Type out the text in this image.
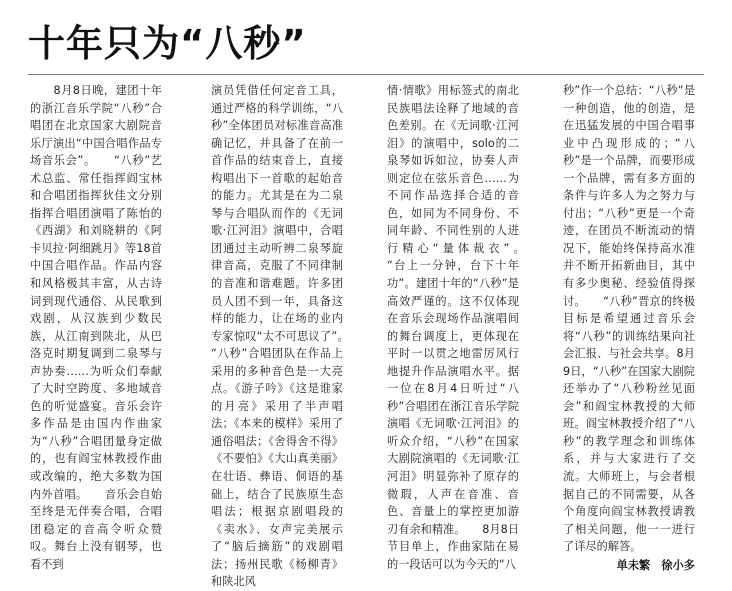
十年只为“八秒”

　　8月8日晚，建团十年的浙江音乐学院“八秒”合唱团在北京国家大剧院音乐厅演出“中国合唱作品专场音乐会”。　　“八秒”艺术总监、常任指挥阎宝林和合唱团指挥狄佳文分别指挥合唱团演唱了陈怡的《西湖》和刘晓耕的《阿卡贝拉·阿细跳月》等18首中国合唱作品。作品内容和风格极其丰富，从古诗词到现代通俗、从民歌到戏剧，从汉族到少数民族，从江南到陕北，从巴洛克时期复调到二泉琴与声协奏……为听众们奉献了大时空跨度、多地域音色的听觉盛宴。音乐会许多作品是由国内作曲家为“八秒”合唱团量身定做的，也有阎宝林教授作曲或改编的，绝大多数为国内外首唱。　　音乐会自始至终是无伴奏合唱，合唱团稳定的音高令听众赞叹。舞台上没有钢琴，也看不到

演员凭借任何定音工具，通过严格的科学训练，“八秒”全体团员对标准音高准确记忆，并具备了在前一首作品的结束音上，直接构唱出下一首歌的起始音的能力。尤其是在为二泉琴与合唱队而作的《无词歌·江河泪》演唱中，合唱团通过主动听辨二泉琴旋律音高，克服了不同律制的音准和谐难题。许多团员人团不到一年，具备这样的能力，让在场的业内专家惊叹“太不可思议了”。　　“八秒”合唱团队在作品上采用的多种音色是一大亮点。《游子吟》《这是谁家的月亮》采用了半声唱法；《本来的模样》采用了通俗唱法；《舍得舍不得》《不要怕》《大山真美丽》在壮语、彝语、侗语的基础上，结合了民族原生态唱法；根据京剧唱段的《卖水》、女声完美展示了“脑后摘筋”的戏剧唱法；扬州民歌《杨柳青》和陕北风

情·情歌》用标签式的南北民族唱法诠释了地域的音色差别。在《无词歌·江河泪》的演唱中，solo的二泉琴如诉如泣，协奏人声则定位在弦乐音色……为不同作品选择合适的音色，如同为不同身份、不同年龄、不同性别的人进行精心“量体裁衣”。　　“台上一分钟，台下十年功”。建团十年的“八秒”是高效严谨的。这不仅体现在音乐会现场作品演唱间的舞台调度上，更体现在平时一以贯之地雷厉风行地提升作品演唱水平。据一位在8月4日听过“八秒”合唱团在浙江音乐学院演唱《无词歌·江河泪》的听众介绍，“八秒”在国家大剧院演唱的《无词歌·江河泪》明显弥补了原存的微瑕，人声在音准、音色、音量上的掌控更加游刃有余和精准。　　8月8日节目单上，作曲家陆在易的一段话可以为今天的“八

秒”作一个总结：“八秒”是一种创造，他的创造，是在迅猛发展的中国合唱事业中凸现形成的；“八秒”是一个品牌，而要形成一个品牌，需有多方面的条件与许多人为之努力与付出；“八秒”更是一个奇迹，在团员不断流动的情况下，能始终保持高水准并不断开拓新曲目，其中有多少奥秘、经验值得探讨。　　“八秒”晋京的终极目标是希望通过音乐会将“八秒”的训练结果向社会汇报、与社会共享。8月9日，“八秒”在国家大剧院还举办了“八秒粉丝见面会”和阎宝林教授的大师班。阎宝林教授介绍了“八秒”的教学理念和训练体系，并与大家进行了交流。大师班上，与会者根据自己的不同需要，从各个角度向阎宝林教授请教了相关问题，他一一进行了详尽的解答。

单未繁　徐小多
